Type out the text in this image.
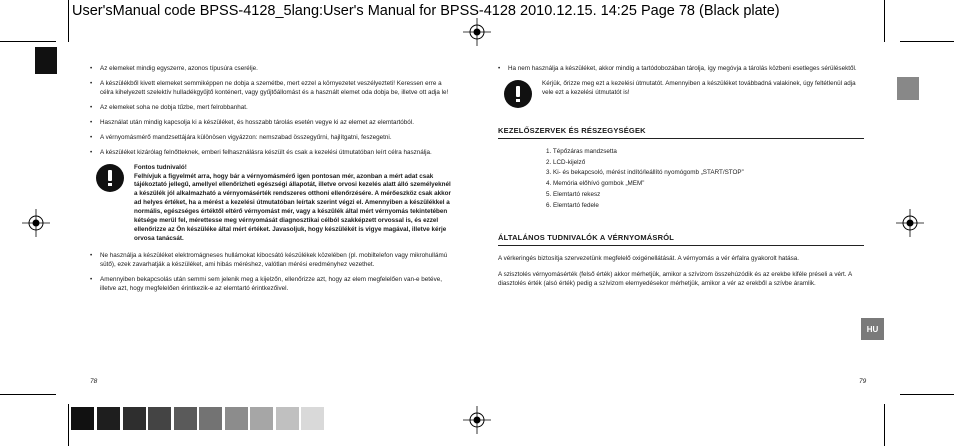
User'sManual code BPSS-4128_5lang:User's Manual for BPSS-4128 2010.12.15. 14:25 Page 78 (Black plate)
HU
• Az elemeket mindig egyszerre, azonos típusúra cserélje.
• A készülékből kivett elemeket semmiképpen ne dobja a szemétbe, mert ezzel a környezetet veszélyezteti! Keressen erre a célra kihelyezett szelektív hulladékgyűjtő konténert, vagy gyűjtőállomást és a használt elemet oda dobja be, illetve ott adja le!
• Az elemeket soha ne dobja tűzbe, mert felrobbanhat.
• Használat után mindig kapcsolja ki a készüléket, és hosszabb tárolás esetén vegye ki az elemet az elemtartóból.
• A vérnyomásmérő mandzsettájára különösen vigyázzon: nemszabad összegyűrni, hajlítgatni, feszegetni.
• A készüléket kizárólag felnőtteknek, emberi felhasználásra készült és csak a kezelési útmutatóban leírt célra használja.
Fontos tudnivaló!
Felhívjuk a figyelmét arra, hogy bár a vérnyomásmérő igen pontosan mér, azonban a mért adat csak tájékoztató jellegű, amellyel ellenőrizheti egészségi állapotát, illetve orvosi kezelés alatt álló személyeknél a készülék jól alkalmazható a vérnyomásérték rendszeres otthoni ellenőrzésére. A mérőeszköz csak akkor ad helyes értéket, ha a mérést a kezelési útmutatóban leírtak szerint végzi el. Amennyiben a készülékkel a normális, egészséges értéktől eltérő vérnyomást mér, vagy a készülék által mért vérnyomás tekintetében kétsége merül fel, mérettesse meg vérnyomását diagnosztikai célból szakképzett orvossal is, és ezzel ellenőrizze az Ön készüléke által mért értéket. Javasoljuk, hogy készülékét is vigye magával, illetve kérje orvosa tanácsát.
• Ne használja a készüléket elektromágneses hullámokat kibocsátó készülékek közelében (pl. mobiltelefon vagy mikrohullámú sütő), ezek zavarhatják a készüléket, ami hibás méréshez, valótlan mérési eredményhez vezethet.
• Amennyiben bekapcsolás után semmi sem jelenik meg a kijelzőn, ellenőrizze azt, hogy az elem megfelelően van-e betéve, illetve azt, hogy megfelelően érintkezik-e az elemtartó érintkezőivel.
78
• Ha nem használja a készüléket, akkor mindig a tartódobozában tárolja, így megóvja a tárolás közbeni esetleges sérülésektől.
Kérjük, őrizze meg ezt a kezelési útmutatót. Amennyiben a készüléket továbbadná valakinek, úgy feltétlenül adja vele ezt a kezelési útmutatót is!
KEZELŐSZERVEK ÉS RÉSZEGYSÉGEK
1. Tépőzáras mandzsetta
2. LCD-kijelző
3. Ki- és bekapcsoló, mérést indító/leállító nyomógomb „START/STOP”
4. Memória előhívó gombok „MEM”
5. Elemtartó rekesz
6. Elemtartó fedele
ÁLTALÁNOS TUDNIVALÓK A VÉRNYOMÁSRÓL

A vérkeringés biztosítja szervezetünk megfelelő oxigénellátását. A vérnyomás a vér érfalra gyakorolt hatása.

A szisztolés vérnyomásérték (felső érték) akkor mérhetjük, amikor a szívizom összehúzódik és az erekbe kiféle préseli a vért. A diasztolés érték (alsó érték) pedig a szívizom elernyedésekor mérhetjük, amikor a vér az erekből a szívbe áramlik.

79
